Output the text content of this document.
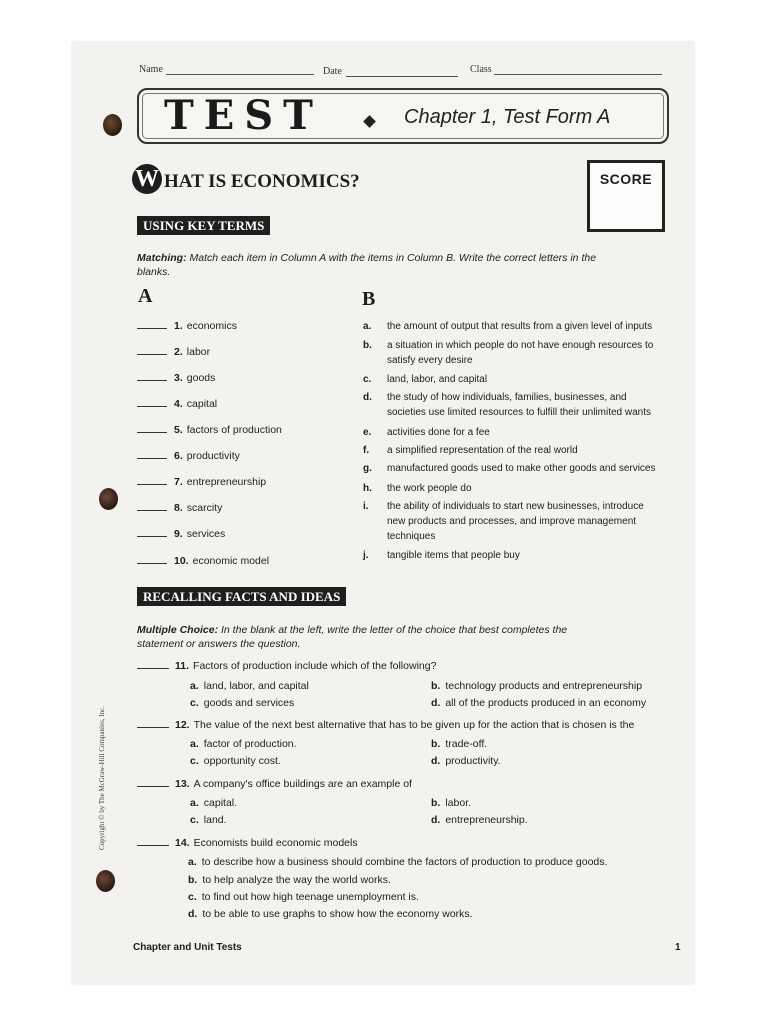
Copyright © by The McGraw-Hill Companies, Inc.
Name	Date	Class
TEST	Chapter 1, Test Form A
W HAT IS ECONOMICS?	SCORE
USING KEY TERMS
Matching: Match each item in Column A with the items in Column B. Write the correct letters in the blanks.
A	B
1. economics
2. labor
3. goods
4. capital
5. factors of production
6. productivity
7. entrepreneurship
8. scarcity
9. services
10. economic model
a. the amount of output that results from a given level of inputs
b. a situation in which people do not have enough resources to satisfy every desire
c. land, labor, and capital
d. the study of how individuals, families, businesses, and societies use limited resources to fulfill their unlimited wants
e. activities done for a fee
f. a simplified representation of the real world
g. manufactured goods used to make other goods and services
h. the work people do
i. the ability of individuals to start new businesses, introduce new products and processes, and improve management techniques
j. tangible items that people buy
RECALLING FACTS AND IDEAS
Multiple Choice: In the blank at the left, write the letter of the choice that best completes the statement or answers the question.
11. Factors of production include which of the following?
a. land, labor, and capital	b. technology products and entrepreneurship
c. goods and services	d. all of the products produced in an economy
12. The value of the next best alternative that has to be given up for the action that is chosen is the
a. factor of production.	b. trade-off.
c. opportunity cost.	d. productivity.
13. A company's office buildings are an example of
a. capital.	b. labor.
c. land.	d. entrepreneurship.
14. Economists build economic models
a. to describe how a business should combine the factors of production to produce goods.
b. to help analyze the way the world works.
c. to find out how high teenage unemployment is.
d. to be able to use graphs to show how the economy works.
Chapter and Unit Tests	1
